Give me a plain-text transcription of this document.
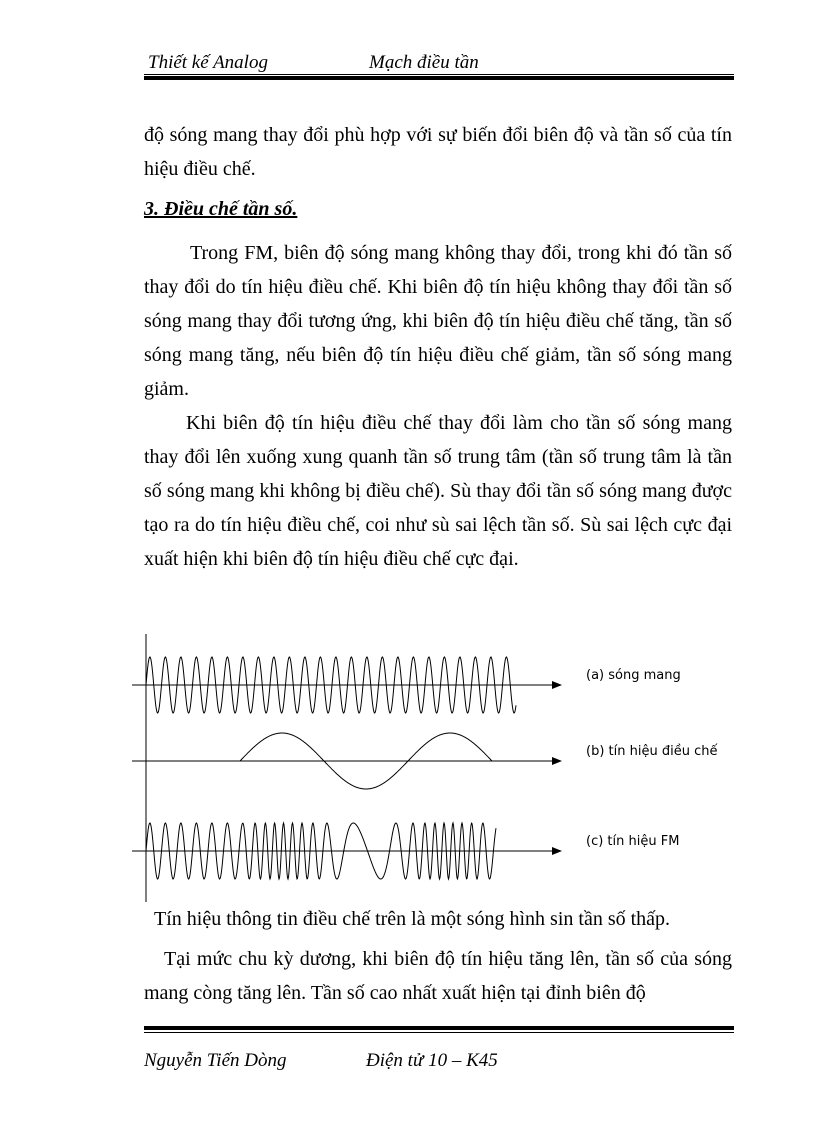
Thiết kế Analog	Mạch điều tần

độ sóng mang thay đổi phù hợp với sự biến đổi biên độ và tần số của tín hiệu điều chế.

3. Điều chế tần số.

Trong FM, biên độ sóng mang không thay đổi, trong khi đó tần số thay đổi do tín hiệu điều chế. Khi biên độ tín hiệu không thay đổi tần số sóng mang thay đổi tương ứng, khi biên độ tín hiệu điều chế tăng, tần số sóng mang tăng, nếu biên độ tín hiệu điều chế giảm, tần số sóng mang giảm.

Khi biên độ tín hiệu điều chế thay đổi làm cho tần số sóng mang thay đổi lên xuống xung quanh tần số trung tâm (tần số trung tâm là tần số sóng mang khi không bị điều chế). Sù thay đổi tần số sóng mang được tạo ra do tín hiệu điều chế, coi như sù sai lệch tần số. Sù sai lệch cực đại xuất hiện khi biên độ tín hiệu điều chế cực đại.

(a) sóng mang
(b) tín hiệu điều chế
(c) tín hiệu FM

Tín hiệu thông tin điều chế trên là một sóng hình sin tần số thấp.

Tại mức chu kỳ dương, khi biên độ tín hiệu tăng lên, tần số của sóng mang còng tăng lên. Tần số cao nhất xuất hiện tại đỉnh biên độ

Nguyễn Tiến Dòng	Điện tử 10 – K45
